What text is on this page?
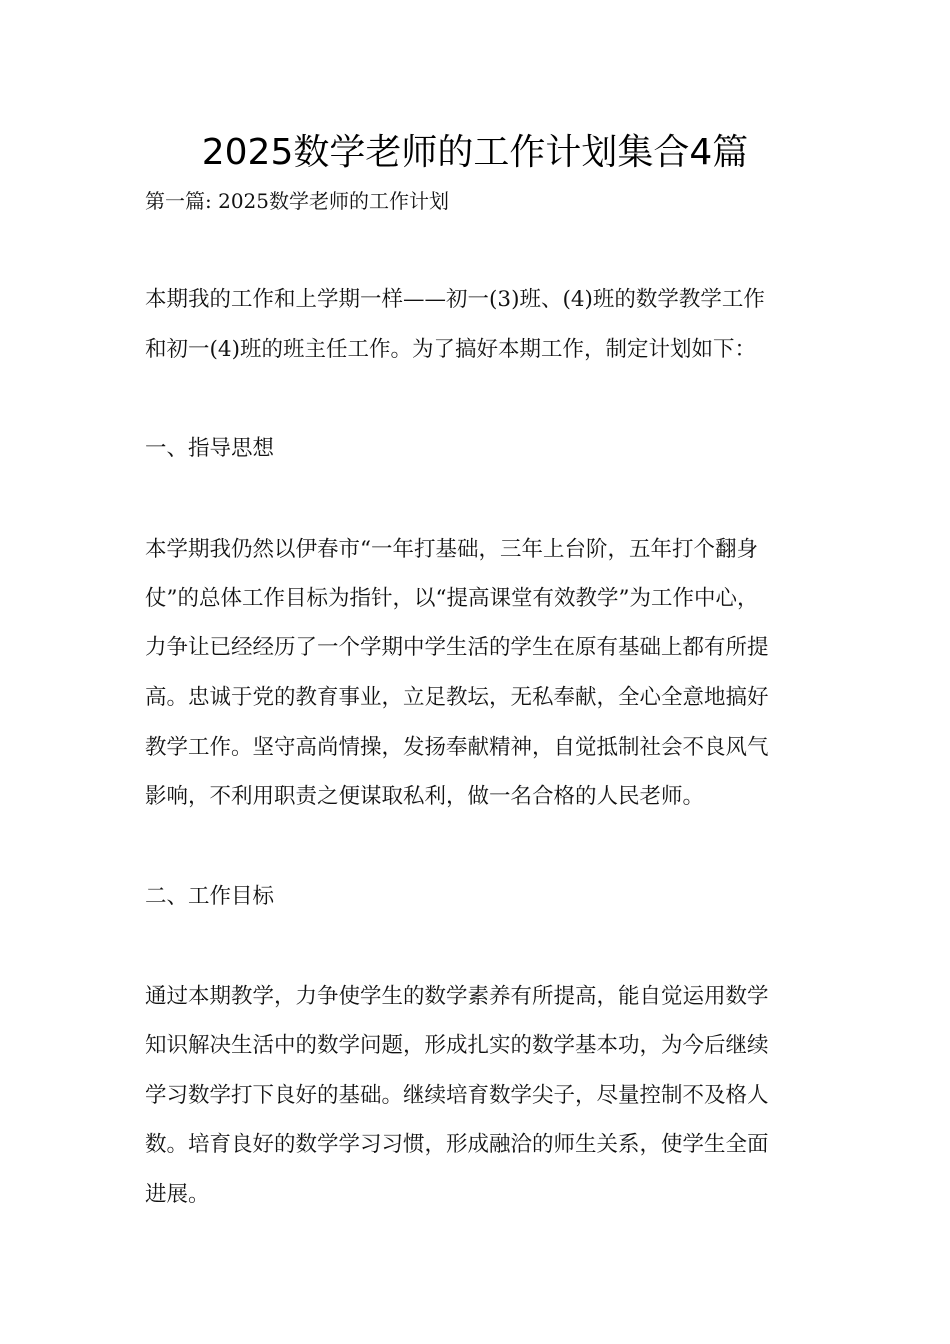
2025数学老师的工作计划集合4篇
第一篇: 2025数学老师的工作计划
本期我的工作和上学期一样——初一(3)班、(4)班的数学教学工作
和初一(4)班的班主任工作。为了搞好本期工作，制定计划如下：
一、指导思想
本学期我仍然以伊春市“一年打基础，三年上台阶，五年打个翻身
仗”的总体工作目标为指针，以“提高课堂有效教学”为工作中心，
力争让已经经历了一个学期中学生活的学生在原有基础上都有所提
高。忠诚于党的教育事业，立足教坛，无私奉献，全心全意地搞好
教学工作。坚守高尚情操，发扬奉献精神，自觉抵制社会不良风气
影响，不利用职责之便谋取私利，做一名合格的人民老师。
二、工作目标
通过本期教学，力争使学生的数学素养有所提高，能自觉运用数学
知识解决生活中的数学问题，形成扎实的数学基本功，为今后继续
学习数学打下良好的基础。继续培育数学尖子，尽量控制不及格人
数。培育良好的数学学习习惯，形成融洽的师生关系，使学生全面
进展。
